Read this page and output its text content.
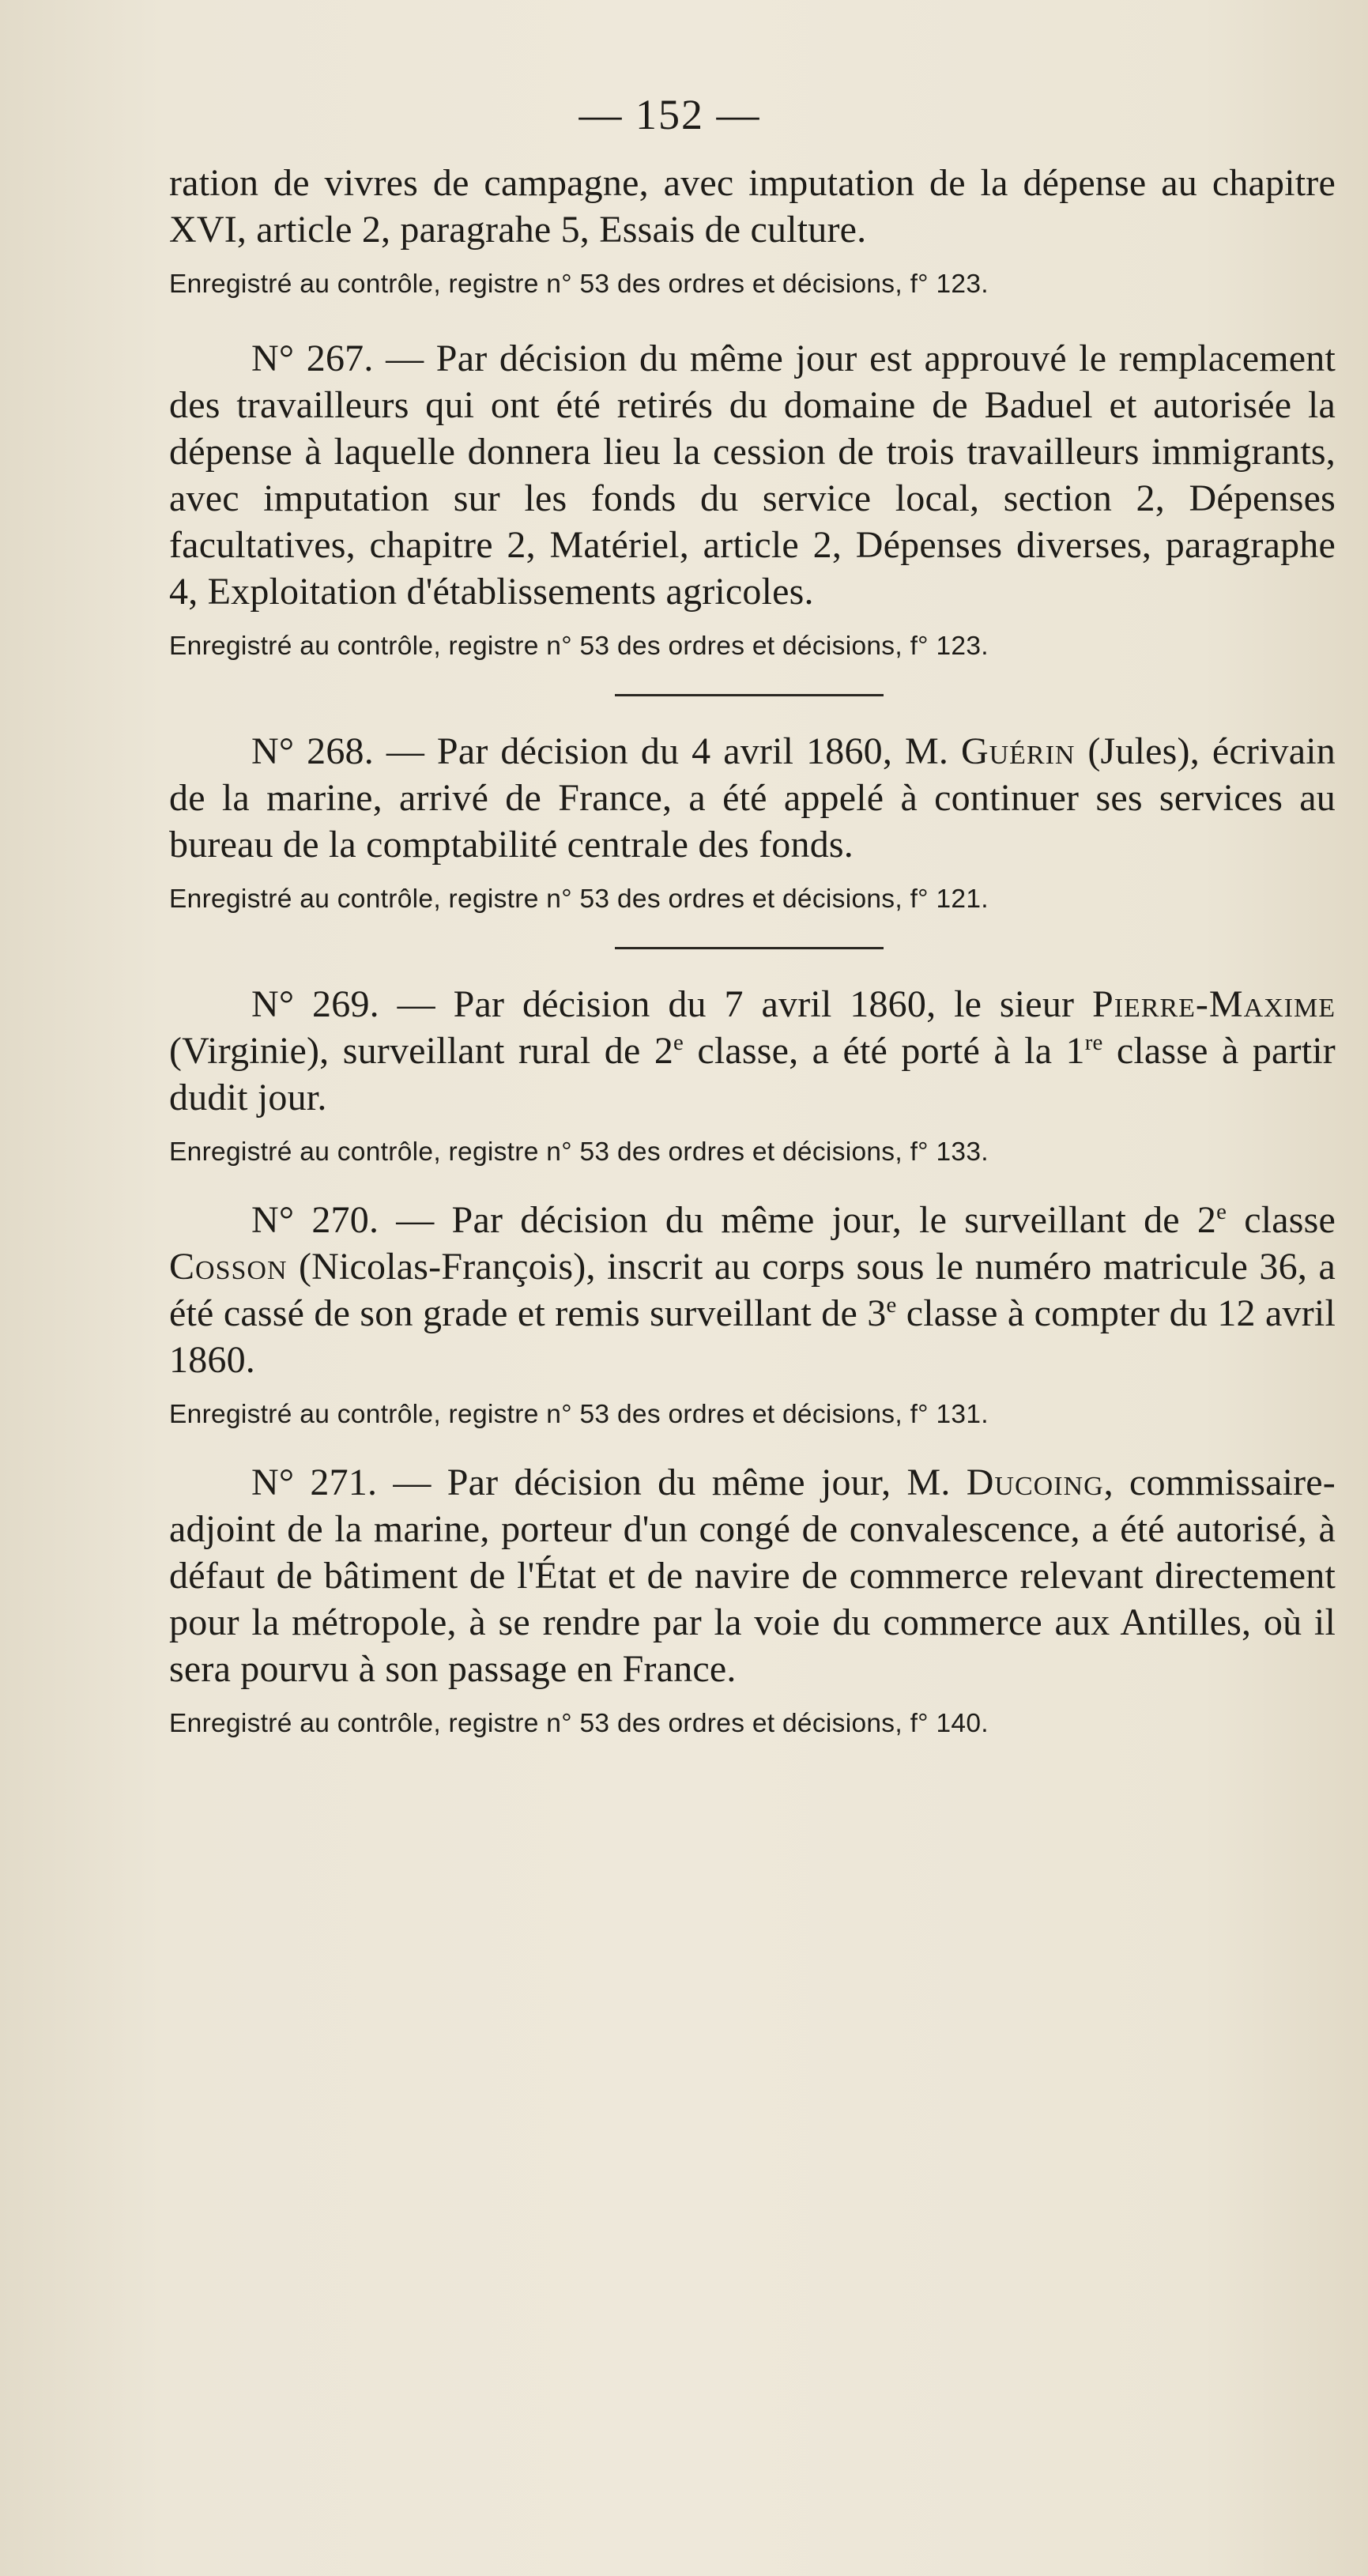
— 152 —

ration de vivres de campagne, avec imputation de la dépense au chapitre XVI, article 2, paragrahe 5, Essais de culture.

Enregistré au contrôle, registre n° 53 des ordres et décisions, f° 123.

N° 267. — Par décision du même jour est approuvé le remplacement des travailleurs qui ont été retirés du domaine de Baduel et autorisée la dépense à laquelle donnera lieu la cession de trois travailleurs immigrants, avec imputation sur les fonds du service local, section 2, Dépenses facultatives, chapitre 2, Matériel, article 2, Dépenses diverses, paragraphe 4, Exploitation d'établissements agricoles.

Enregistré au contrôle, registre n° 53 des ordres et décisions, f° 123.

N° 268. — Par décision du 4 avril 1860, M. Guérin (Jules), écrivain de la marine, arrivé de France, a été appelé à continuer ses services au bureau de la comptabilité centrale des fonds.

Enregistré au contrôle, registre n° 53 des ordres et décisions, f° 121.

N° 269. — Par décision du 7 avril 1860, le sieur Pierre-Maxime (Virginie), surveillant rural de 2e classe, a été porté à la 1re classe à partir dudit jour.

Enregistré au contrôle, registre n° 53 des ordres et décisions, f° 133.

N° 270. — Par décision du même jour, le surveillant de 2e classe Cosson (Nicolas-François), inscrit au corps sous le numéro matricule 36, a été cassé de son grade et remis surveillant de 3e classe à compter du 12 avril 1860.

Enregistré au contrôle, registre n° 53 des ordres et décisions, f° 131.

N° 271. — Par décision du même jour, M. Ducoing, commissaire-adjoint de la marine, porteur d'un congé de convalescence, a été autorisé, à défaut de bâtiment de l'État et de navire de commerce relevant directement pour la métropole, à se rendre par la voie du commerce aux Antilles, où il sera pourvu à son passage en France.

Enregistré au contrôle, registre n° 53 des ordres et décisions, f° 140.
